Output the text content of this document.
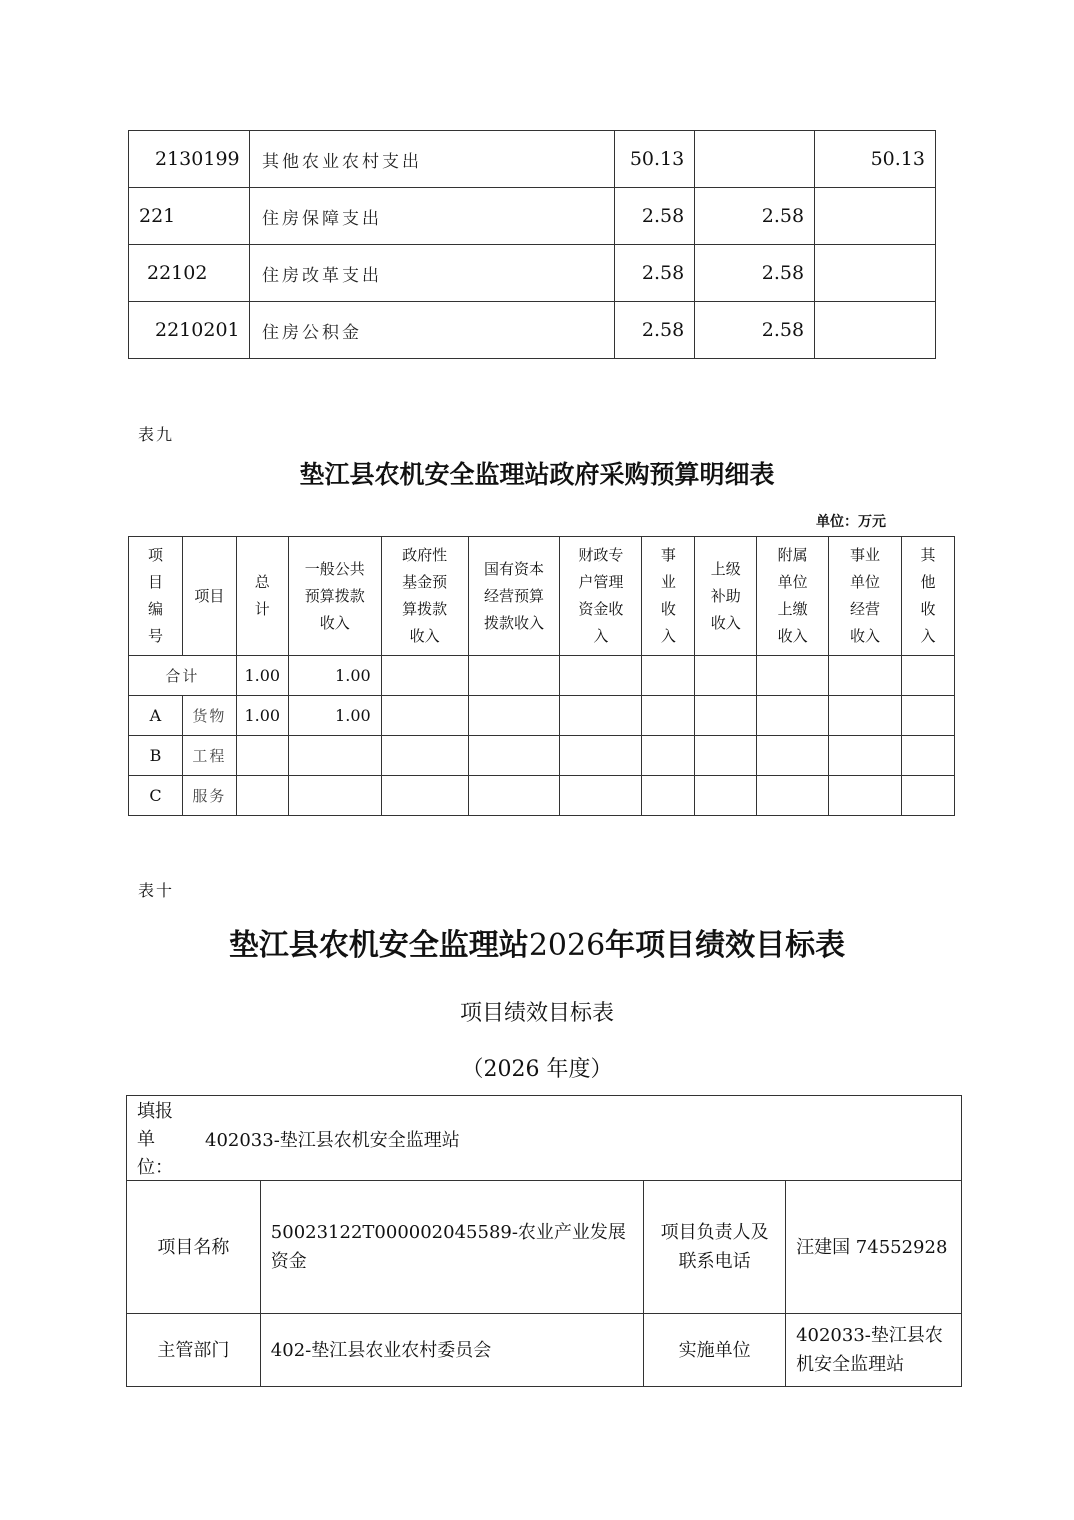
2130199	其他农业农村支出	50.13		50.13
221	住房保障支出	2.58	2.58	
22102	住房改革支出	2.58	2.58	
2210201	住房公积金	2.58	2.58	
表九
垫江县农机安全监理站政府采购预算明细表
单位：万元
项目编号	项目	总计	一般公共预算拨款收入	政府性基金预算拨款收入	国有资本经营预算拨款收入	财政专户管理资金收入	事业收入	上级补助收入	附属单位上缴收入	事业单位经营收入	其他收入
合计		1.00	1.00								
A	货物	1.00	1.00								
B	工程										
C	服务										
表十
垫江县农机安全监理站2026年项目绩效目标表
项目绩效目标表
（2026 年度）
填报单位：
402033-垫江县农机安全监理站			

项目名称	50023122T000002045589-农业产业发展资金	项目负责人及联系电话	汪建国 74552928
主管部门	402-垫江县农业农村委员会	实施单位	402033-垫江县农机安全监理站
